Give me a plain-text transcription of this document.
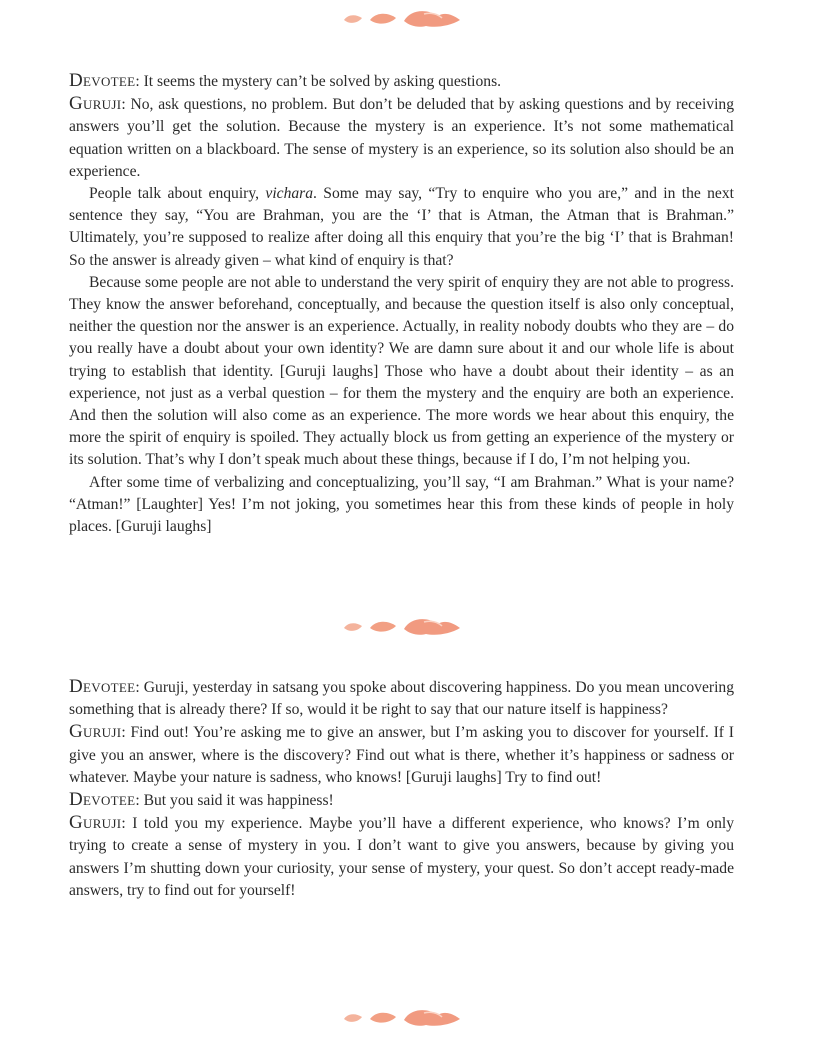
Devotee: It seems the mystery can’t be solved by asking questions.

Guruji: No, ask questions, no problem. But don’t be deluded that by asking questions and by receiving answers you’ll get the solution. Because the mystery is an experience. It’s not some mathematical equation written on a blackboard. The sense of mystery is an experience, so its solution also should be an experience.

People talk about enquiry, vichara. Some may say, “Try to enquire who you are,” and in the next sentence they say, “You are Brahman, you are the ‘I’ that is Atman, the Atman that is Brahman.” Ultimately, you’re supposed to realize after doing all this enquiry that you’re the big ‘I’ that is Brahman! So the answer is already given – what kind of enquiry is that?

Because some people are not able to understand the very spirit of enquiry they are not able to progress. They know the answer beforehand, conceptually, and because the question itself is also only conceptual, neither the question nor the answer is an experience. Actually, in reality nobody doubts who they are – do you really have a doubt about your own identity? We are damn sure about it and our whole life is about trying to establish that identity. [Guruji laughs] Those who have a doubt about their identity – as an experience, not just as a verbal question – for them the mystery and the enquiry are both an experience. And then the solution will also come as an experience. The more words we hear about this enquiry, the more the spirit of enquiry is spoiled. They actually block us from getting an experience of the mystery or its solution. That’s why I don’t speak much about these things, because if I do, I’m not helping you.

After some time of verbalizing and conceptualizing, you’ll say, “I am Brahman.” What is your name? “Atman!” [Laughter] Yes! I’m not joking, you sometimes hear this from these kinds of people in holy places. [Guruji laughs]

Devotee: Guruji, yesterday in satsang you spoke about discovering happiness. Do you mean uncovering something that is already there? If so, would it be right to say that our nature itself is happiness?

Guruji: Find out! You’re asking me to give an answer, but I’m asking you to discover for yourself. If I give you an answer, where is the discovery? Find out what is there, whether it’s happiness or sadness or whatever. Maybe your nature is sadness, who knows! [Guruji laughs] Try to find out!

Devotee: But you said it was happiness!

Guruji: I told you my experience. Maybe you’ll have a different experience, who knows? I’m only trying to create a sense of mystery in you. I don’t want to give you answers, because by giving you answers I’m shutting down your curiosity, your sense of mystery, your quest. So don’t accept ready-made answers, try to find out for yourself!
